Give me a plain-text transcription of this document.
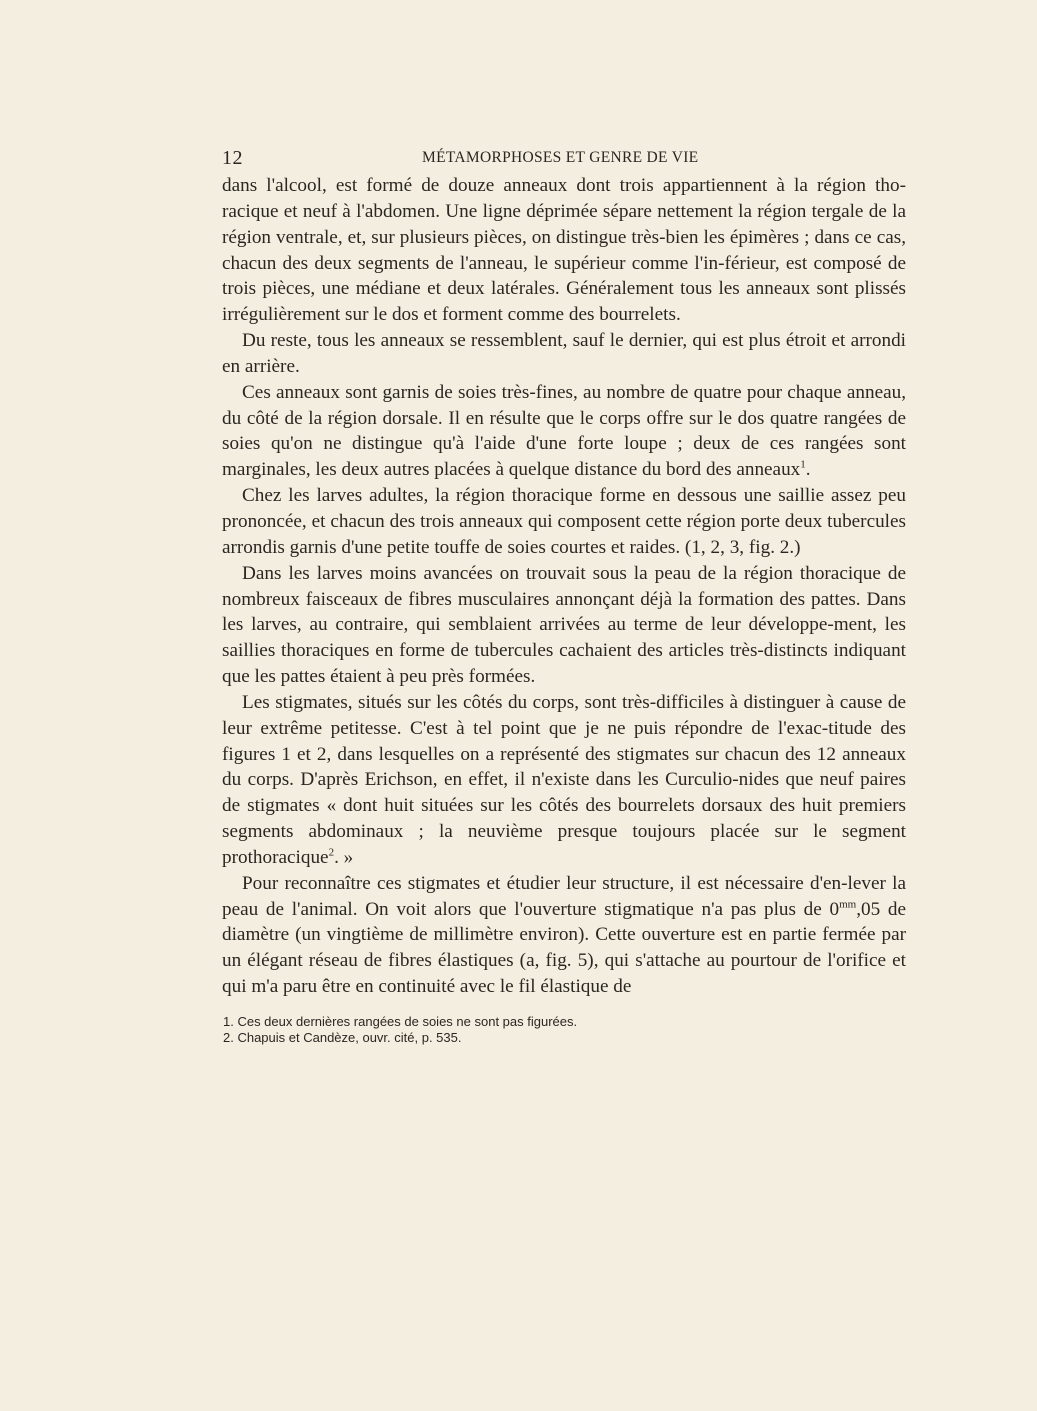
12	MÉTAMORPHOSES ET GENRE DE VIE

dans l'alcool, est formé de douze anneaux dont trois appartiennent à la région tho-racique et neuf à l'abdomen. Une ligne déprimée sépare nettement la région tergale de la région ventrale, et, sur plusieurs pièces, on distingue très-bien les épimères ; dans ce cas, chacun des deux segments de l'anneau, le supérieur comme l'in-férieur, est composé de trois pièces, une médiane et deux latérales. Généralement tous les anneaux sont plissés irrégulièrement sur le dos et forment comme des bourrelets.

Du reste, tous les anneaux se ressemblent, sauf le dernier, qui est plus étroit et arrondi en arrière.

Ces anneaux sont garnis de soies très-fines, au nombre de quatre pour chaque anneau, du côté de la région dorsale. Il en résulte que le corps offre sur le dos quatre rangées de soies qu'on ne distingue qu'à l'aide d'une forte loupe ; deux de ces rangées sont marginales, les deux autres placées à quelque distance du bord des anneaux$^1$.

Chez les larves adultes, la région thoracique forme en dessous une saillie assez peu prononcée, et chacun des trois anneaux qui composent cette région porte deux tubercules arrondis garnis d'une petite touffe de soies courtes et raides. (1, 2, 3, fig. 2.)

Dans les larves moins avancées on trouvait sous la peau de la région thoracique de nombreux faisceaux de fibres musculaires annonçant déjà la formation des pattes. Dans les larves, au contraire, qui semblaient arrivées au terme de leur développe-ment, les saillies thoraciques en forme de tubercules cachaient des articles très-distincts indiquant que les pattes étaient à peu près formées.

Les stigmates, situés sur les côtés du corps, sont très-difficiles à distinguer à cause de leur extrême petitesse. C'est à tel point que je ne puis répondre de l'exac-titude des figures 1 et 2, dans lesquelles on a représenté des stigmates sur chacun des 12 anneaux du corps. D'après Erichson, en effet, il n'existe dans les Curculio-nides que neuf paires de stigmates « dont huit situées sur les côtés des bourrelets dorsaux des huit premiers segments abdominaux ; la neuvième presque toujours placée sur le segment prothoracique$^2$. »

Pour reconnaître ces stigmates et étudier leur structure, il est nécessaire d'en-lever la peau de l'animal. On voit alors que l'ouverture stigmatique n'a pas plus de $0^{mm},05$ de diamètre (un vingtième de millimètre environ). Cette ouverture est en partie fermée par un élégant réseau de fibres élastiques (a, fig. 5), qui s'attache au pourtour de l'orifice et qui m'a paru être en continuité avec le fil élastique de

1. Ces deux dernières rangées de soies ne sont pas figurées.

2. Chapuis et Candèze, ouvr. cité, p. 535.
